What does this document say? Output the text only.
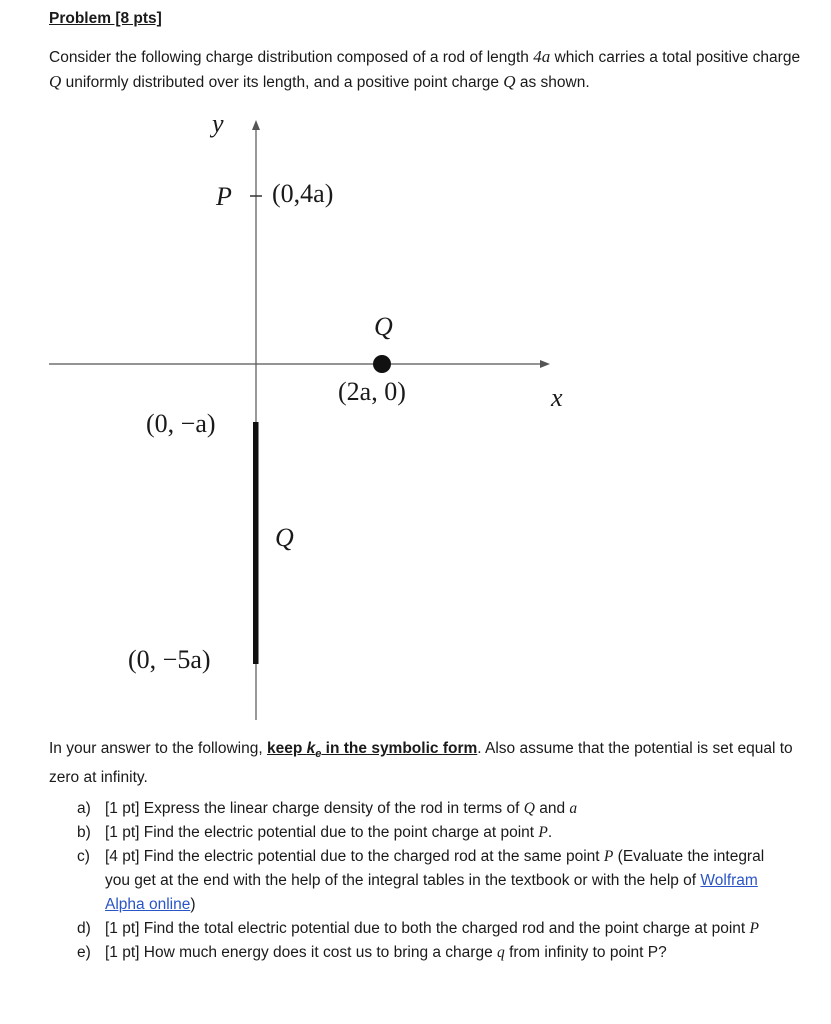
Problem [8 pts]
Consider the following charge distribution composed of a rod of length 4a which carries a total positive charge Q uniformly distributed over its length, and a positive point charge Q as shown.
y
P (0,4a)
Q
(2a, 0)	x
(0, −a)
Q
(0, −5a)
In your answer to the following, keep $k_e$ in the symbolic form. Also assume that the potential is set equal to zero at infinity.
a) [1 pt] Express the linear charge density of the rod in terms of Q and a
b) [1 pt] Find the electric potential due to the point charge at point P.
c) [4 pt] Find the electric potential due to the charged rod at the same point P (Evaluate the integral you get at the end with the help of the integral tables in the textbook or with the help of Wolfram Alpha online)
d) [1 pt] Find the total electric potential due to both the charged rod and the point charge at point P
e) [1 pt] How much energy does it cost us to bring a charge q from infinity to point P?
